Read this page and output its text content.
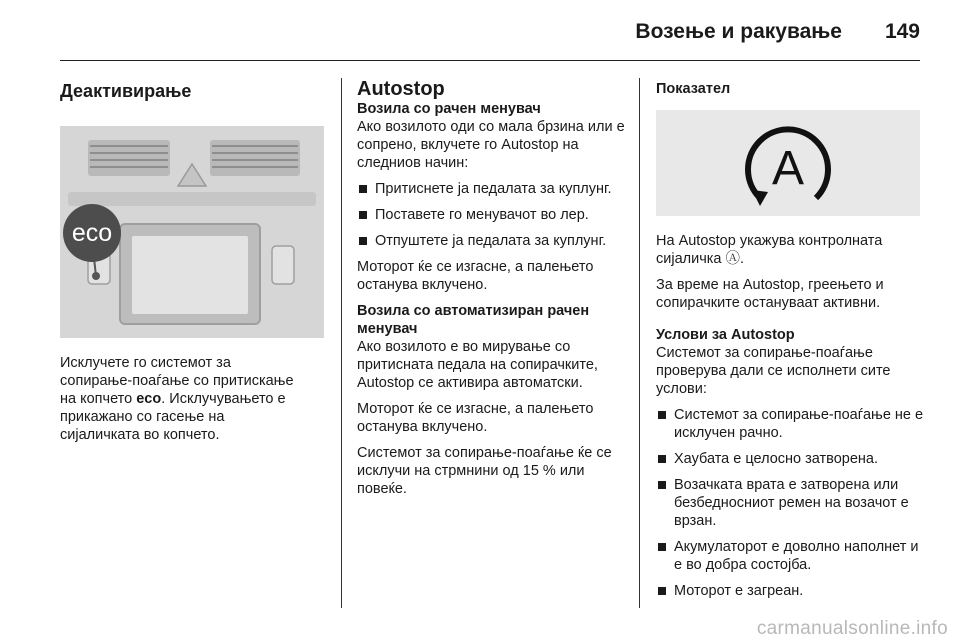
Возење и ракување 149
Деактивирање
eco

Исклучете го системот за
сопирање-поаѓање со притискање
на копчето eco. Исклучувањето е
прикажано со гасење на
сијаличката во копчето.

Autostop
Возила со рачен менувач

Ако возилото оди со мала брзина или е сопрено, вклучете го Autostop на следниов начин:

Притиснете ја педалата за куплунг.
Поставете го менувачот во лер.
Отпуштете ја педалата за куплунг.

Моторот ќе се изгасне, а палењето останува вклучено.

Возила со автоматизиран рачен менувач

Ако возилото е во мирување со притисната педала на сопирачките, Autostop се активира автоматски.

Моторот ќе се изгасне, а палењето останува вклучено.

Системот за сопирање-поаѓање ќе се исклучи на стрмнини од 15 % или повеќе.

Показател
A

На Autostop укажува контролната сијаличка Ⓐ.

За време на Autostop, греењето и сопирачките остануваат активни.

Услови за Autostop

Системот за сопирање-поаѓање проверува дали се исполнети сите услови:

Системот за сопирање-поаѓање не е исклучен рачно.
Хаубата е целосно затворена.
Возачката врата е затворена или безбедносниот ремен на возачот е врзан.
Акумулаторот е доволно наполнет и е во добра состојба.
Моторот е загреан.
carmanualsonline.info
